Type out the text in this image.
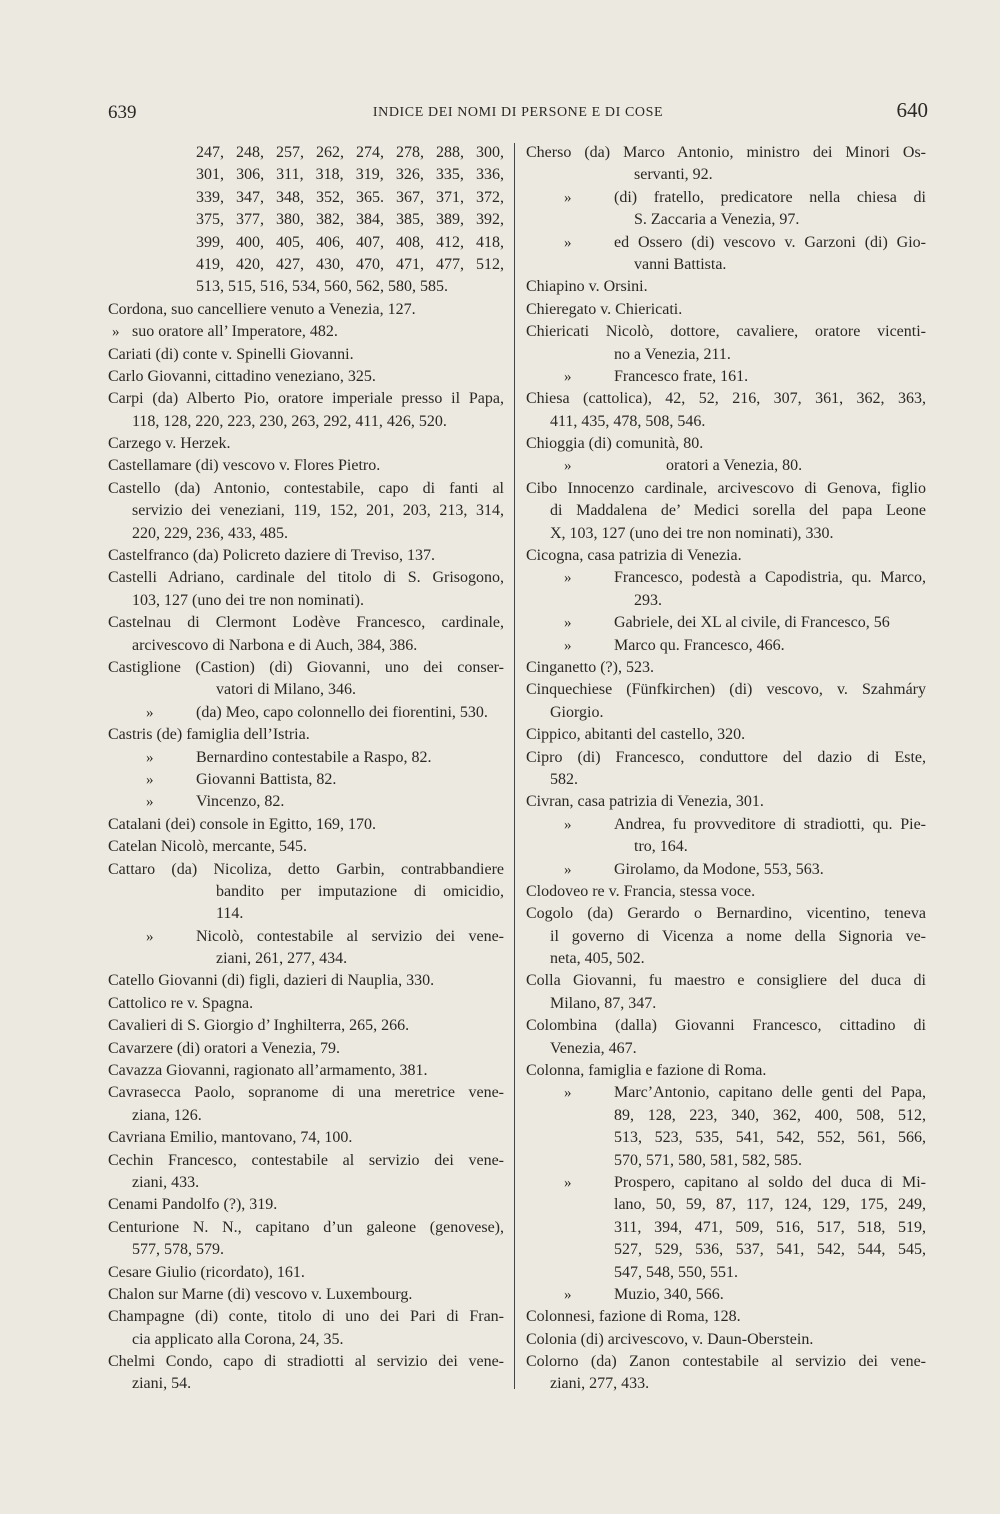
639	INDICE DEI NOMI DI PERSONE E DI COSE	640
247, 248, 257, 262, 274, 278, 288, 300,
301, 306, 311, 318, 319, 326, 335, 336,
339, 347, 348, 352, 365. 367, 371, 372,
375, 377, 380, 382, 384, 385, 389, 392,
399, 400, 405, 406, 407, 408, 412, 418,
419, 420, 427, 430, 470, 471, 477, 512,
513, 515, 516, 534, 560, 562, 580, 585.
Cordona, suo cancelliere venuto a Venezia, 127.
» suo oratore all’ Imperatore, 482.
Cariati (di) conte v. Spinelli Giovanni.
Carlo Giovanni, cittadino veneziano, 325.
Carpi (da) Alberto Pio, oratore imperiale presso il Papa,
118, 128, 220, 223, 230, 263, 292, 411, 426, 520.
Carzego v. Herzek.
Castellamare (di) vescovo v. Flores Pietro.
Castello (da) Antonio, contestabile, capo di fanti al
servizio dei veneziani, 119, 152, 201, 203, 213, 314,
220, 229, 236, 433, 485.
Castelfranco (da) Policreto daziere di Treviso, 137.
Castelli Adriano, cardinale del titolo di S. Grisogono,
103, 127 (uno dei tre non nominati).
Castelnau di Clermont Lodève Francesco, cardinale,
arcivescovo di Narbona e di Auch, 384, 386.
Castiglione (Castion) (di) Giovanni, uno dei conser-
vatori di Milano, 346.
»	(da) Meo, capo colonnello dei fiorentini, 530.
Castris (de) famiglia dell’Istria.
»	Bernardino contestabile a Raspo, 82.
»	Giovanni Battista, 82.
»	Vincenzo, 82.
Catalani (dei) console in Egitto, 169, 170.
Catelan Nicolò, mercante, 545.
Cattaro (da) Nicoliza, detto Garbin, contrabbandiere
bandito per imputazione di omicidio,
114.
»	Nicolò, contestabile al servizio dei vene-
ziani, 261, 277, 434.
Catello Giovanni (di) figli, dazieri di Nauplia, 330.
Cattolico re v. Spagna.
Cavalieri di S. Giorgio d’ Inghilterra, 265, 266.
Cavarzere (di) oratori a Venezia, 79.
Cavazza Giovanni, ragionato all’armamento, 381.
Cavrasecca Paolo, sopranome di una meretrice vene-
ziana, 126.
Cavriana Emilio, mantovano, 74, 100.
Cechin Francesco, contestabile al servizio dei vene-
ziani, 433.
Cenami Pandolfo (?), 319.
Centurione N. N., capitano d’un galeone (genovese),
577, 578, 579.
Cesare Giulio (ricordato), 161.
Chalon sur Marne (di) vescovo v. Luxembourg.
Champagne (di) conte, titolo di uno dei Pari di Fran-
cia applicato alla Corona, 24, 35.
Chelmi Condo, capo di stradiotti al servizio dei vene-
ziani, 54.
Cherso (da) Marco Antonio, ministro dei Minori Os-
servanti, 92.
»	(di) fratello, predicatore nella chiesa di
S. Zaccaria a Venezia, 97.
»	ed Ossero (di) vescovo v. Garzoni (di) Gio-
vanni Battista.
Chiapino v. Orsini.
Chieregato v. Chiericati.
Chiericati Nicolò, dottore, cavaliere, oratore vicenti-
no a Venezia, 211.
»	Francesco frate, 161.
Chiesa (cattolica), 42, 52, 216, 307, 361, 362, 363,
411, 435, 478, 508, 546.
Chioggia (di) comunità, 80.
»	oratori a Venezia, 80.
Cibo Innocenzo cardinale, arcivescovo di Genova, figlio
di Maddalena de’ Medici sorella del papa Leone
X, 103, 127 (uno dei tre non nominati), 330.
Cicogna, casa patrizia di Venezia.
»	Francesco, podestà a Capodistria, qu. Marco,
293.
»	Gabriele, dei XL al civile, di Francesco, 56
»	Marco qu. Francesco, 466.
Cinganetto (?), 523.
Cinquechiese (Fünfkirchen) (di) vescovo, v. Szahmáry
Giorgio.
Cippico, abitanti del castello, 320.
Cipro (di) Francesco, conduttore del dazio di Este,
582.
Civran, casa patrizia di Venezia, 301.
»	Andrea, fu provveditore di stradiotti, qu. Pie-
tro, 164.
»	Girolamo, da Modone, 553, 563.
Clodoveo re v. Francia, stessa voce.
Cogolo (da) Gerardo o Bernardino, vicentino, teneva
il governo di Vicenza a nome della Signoria ve-
neta, 405, 502.
Colla Giovanni, fu maestro e consigliere del duca di
Milano, 87, 347.
Colombina (dalla) Giovanni Francesco, cittadino di
Venezia, 467.
Colonna, famiglia e fazione di Roma.
»	Marc’Antonio, capitano delle genti del Papa,
89, 128, 223, 340, 362, 400, 508, 512,
513, 523, 535, 541, 542, 552, 561, 566,
570, 571, 580, 581, 582, 585.
»	Prospero, capitano al soldo del duca di Mi-
lano, 50, 59, 87, 117, 124, 129, 175, 249,
311, 394, 471, 509, 516, 517, 518, 519,
527, 529, 536, 537, 541, 542, 544, 545,
547, 548, 550, 551.
»	Muzio, 340, 566.
Colonnesi, fazione di Roma, 128.
Colonia (di) arcivescovo, v. Daun-Oberstein.
Colorno (da) Zanon contestabile al servizio dei vene-
ziani, 277, 433.
